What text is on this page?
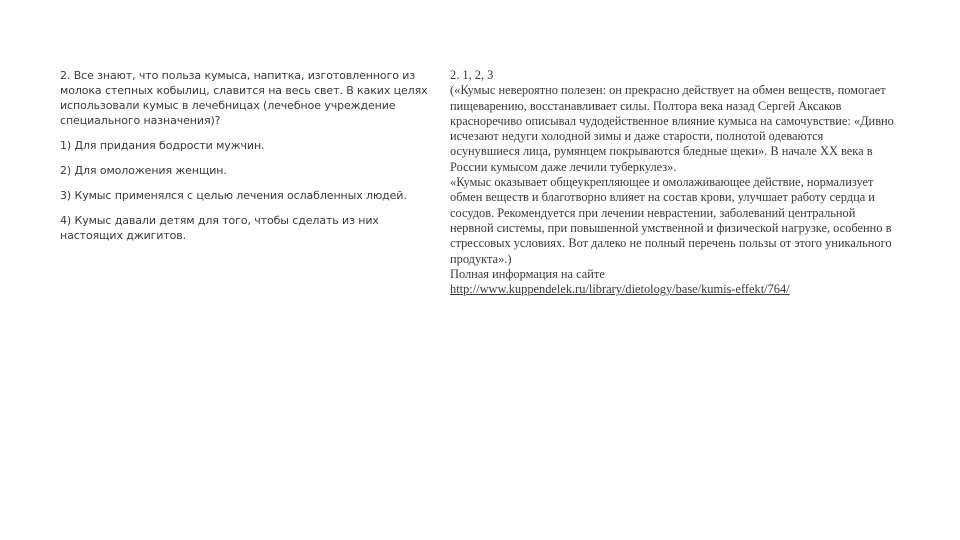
2. Все знают, что польза кумыса, напитка, изготовленного из молока степных кобылиц, славится на весь свет. В каких целях использовали кумыс в лечебницах (лечебное учреждение специального назначения)?

1) Для придания бодрости мужчин.

2) Для омоложения женщин.

3) Кумыс применялся с целью лечения ослабленных людей.

4) Кумыс давали детям для того, чтобы сделать из них настоящих джигитов.

2. 1, 2, 3

(«Кумыс невероятно полезен: он прекрасно действует на обмен веществ, помогает пищеварению, восстанавливает силы. Полтора века назад Сергей Аксаков красноречиво описывал чудодейственное влияние кумыса на самочувствие: «Дивно исчезают недуги холодной зимы и даже старости, полнотой одеваются осунувшиеся лица, румянцем покрываются бледные щеки». В начале XX века в России кумысом даже лечили туберкулез».

«Кумыс оказывает общеукрепляющее и омолаживающее действие, нормализует обмен веществ и благотворно влияет на состав крови, улучшает работу сердца и сосудов. Рекомендуется при лечении неврастении, заболеваний центральной нервной системы, при повышенной умственной и физической нагрузке, особенно в стрессовых условиях. Вот далеко не полный перечень пользы от этого уникального продукта».)

Полная информация на сайте

http://www.kuppendelek.ru/library/dietology/base/kumis-effekt/764/
